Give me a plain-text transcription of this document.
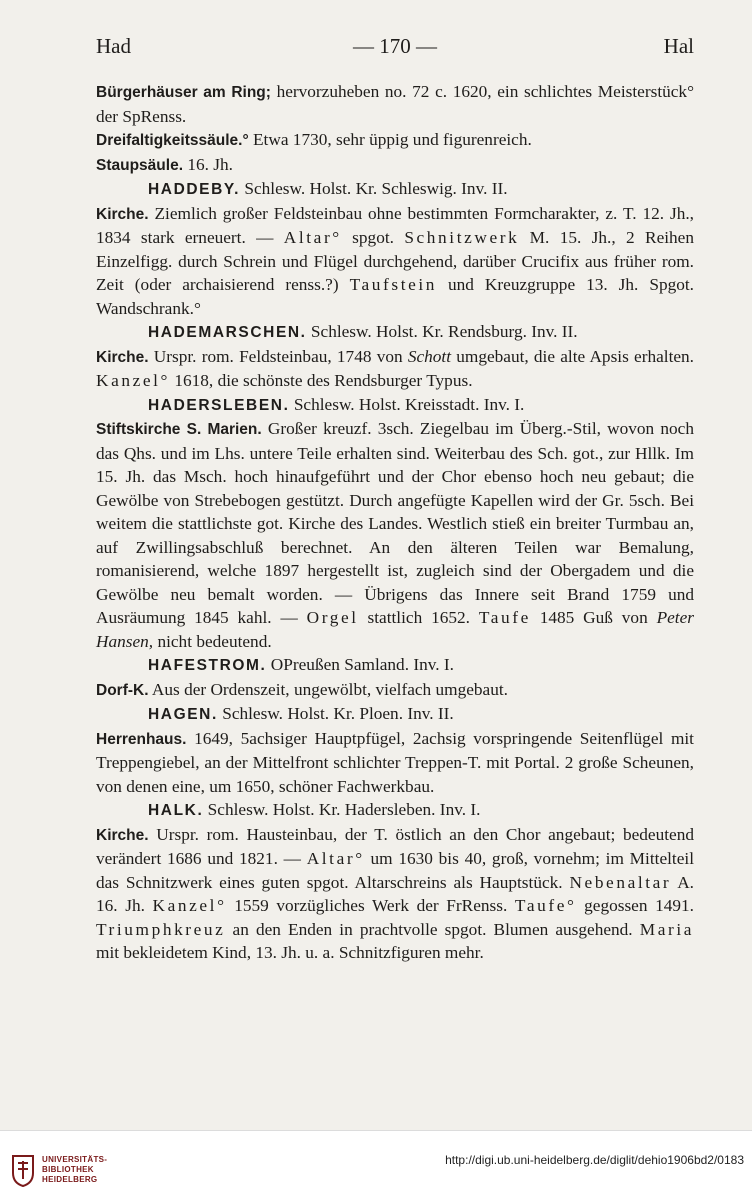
Had	— 170 —	Hal

Bürgerhäuser am Ring; hervorzuheben no. 72 c. 1620, ein schlichtes Meisterstück° der SpRenss.

Dreifaltigkeitssäule.° Etwa 1730, sehr üppig und figurenreich.

Staupsäule. 16. Jh.

HADDEBY. Schlesw. Holst. Kr. Schleswig. Inv. II.

Kirche. Ziemlich großer Feldsteinbau ohne bestimmten Formcharakter, z. T. 12. Jh., 1834 stark erneuert. — Altar° spgot. Schnitzwerk M. 15. Jh., 2 Reihen Einzelfigg. durch Schrein und Flügel durchgehend, darüber Crucifix aus früher rom. Zeit (oder archaisierend renss.?) Taufstein und Kreuzgruppe 13. Jh. Spgot. Wandschrank.°

HADEMARSCHEN. Schlesw. Holst. Kr. Rendsburg. Inv. II.

Kirche. Urspr. rom. Feldsteinbau, 1748 von Schott umgebaut, die alte Apsis erhalten. Kanzel° 1618, die schönste des Rendsburger Typus.

HADERSLEBEN. Schlesw. Holst. Kreisstadt. Inv. I.

Stiftskirche S. Marien. Großer kreuzf. 3sch. Ziegelbau im Überg.-Stil, wovon noch das Qhs. und im Lhs. untere Teile erhalten sind. Weiterbau des Sch. got., zur Hllk. Im 15. Jh. das Msch. hoch hinaufgeführt und der Chor ebenso hoch neu gebaut; die Gewölbe von Strebebogen gestützt. Durch angefügte Kapellen wird der Gr. 5sch. Bei weitem die stattlichste got. Kirche des Landes. Westlich stieß ein breiter Turmbau an, auf Zwillingsabschluß berechnet. An den älteren Teilen war Bemalung, romanisierend, welche 1897 hergestellt ist, zugleich sind der Obergadem und die Gewölbe neu bemalt worden. — Übrigens das Innere seit Brand 1759 und Ausräumung 1845 kahl. — Orgel stattlich 1652. Taufe 1485 Guß von Peter Hansen, nicht bedeutend.

HAFESTROM. OPreußen Samland. Inv. I.

Dorf-K. Aus der Ordenszeit, ungewölbt, vielfach umgebaut.

HAGEN. Schlesw. Holst. Kr. Ploen. Inv. II.

Herrenhaus. 1649, 5achsiger Hauptpfügel, 2achsig vorspringende Seitenflügel mit Treppengiebel, an der Mittelfront schlichter Treppen-T. mit Portal. 2 große Scheunen, von denen eine, um 1650, schöner Fachwerkbau.

HALK. Schlesw. Holst. Kr. Hadersleben. Inv. I.

Kirche. Urspr. rom. Hausteinbau, der T. östlich an den Chor angebaut; bedeutend verändert 1686 und 1821. — Altar° um 1630 bis 40, groß, vornehm; im Mittelteil das Schnitzwerk eines guten spgot. Altarschreins als Hauptstück. Nebenaltar A. 16. Jh. Kanzel° 1559 vorzügliches Werk der FrRenss. Taufe° gegossen 1491. Triumphkreuz an den Enden in prachtvolle spgot. Blumen ausgehend. Maria mit bekleidetem Kind, 13. Jh. u. a. Schnitzfiguren mehr.

UNIVERSITÄTS-
BIBLIOTHEK
HEIDELBERG
http://digi.ub.uni-heidelberg.de/diglit/dehio1906bd2/0183
